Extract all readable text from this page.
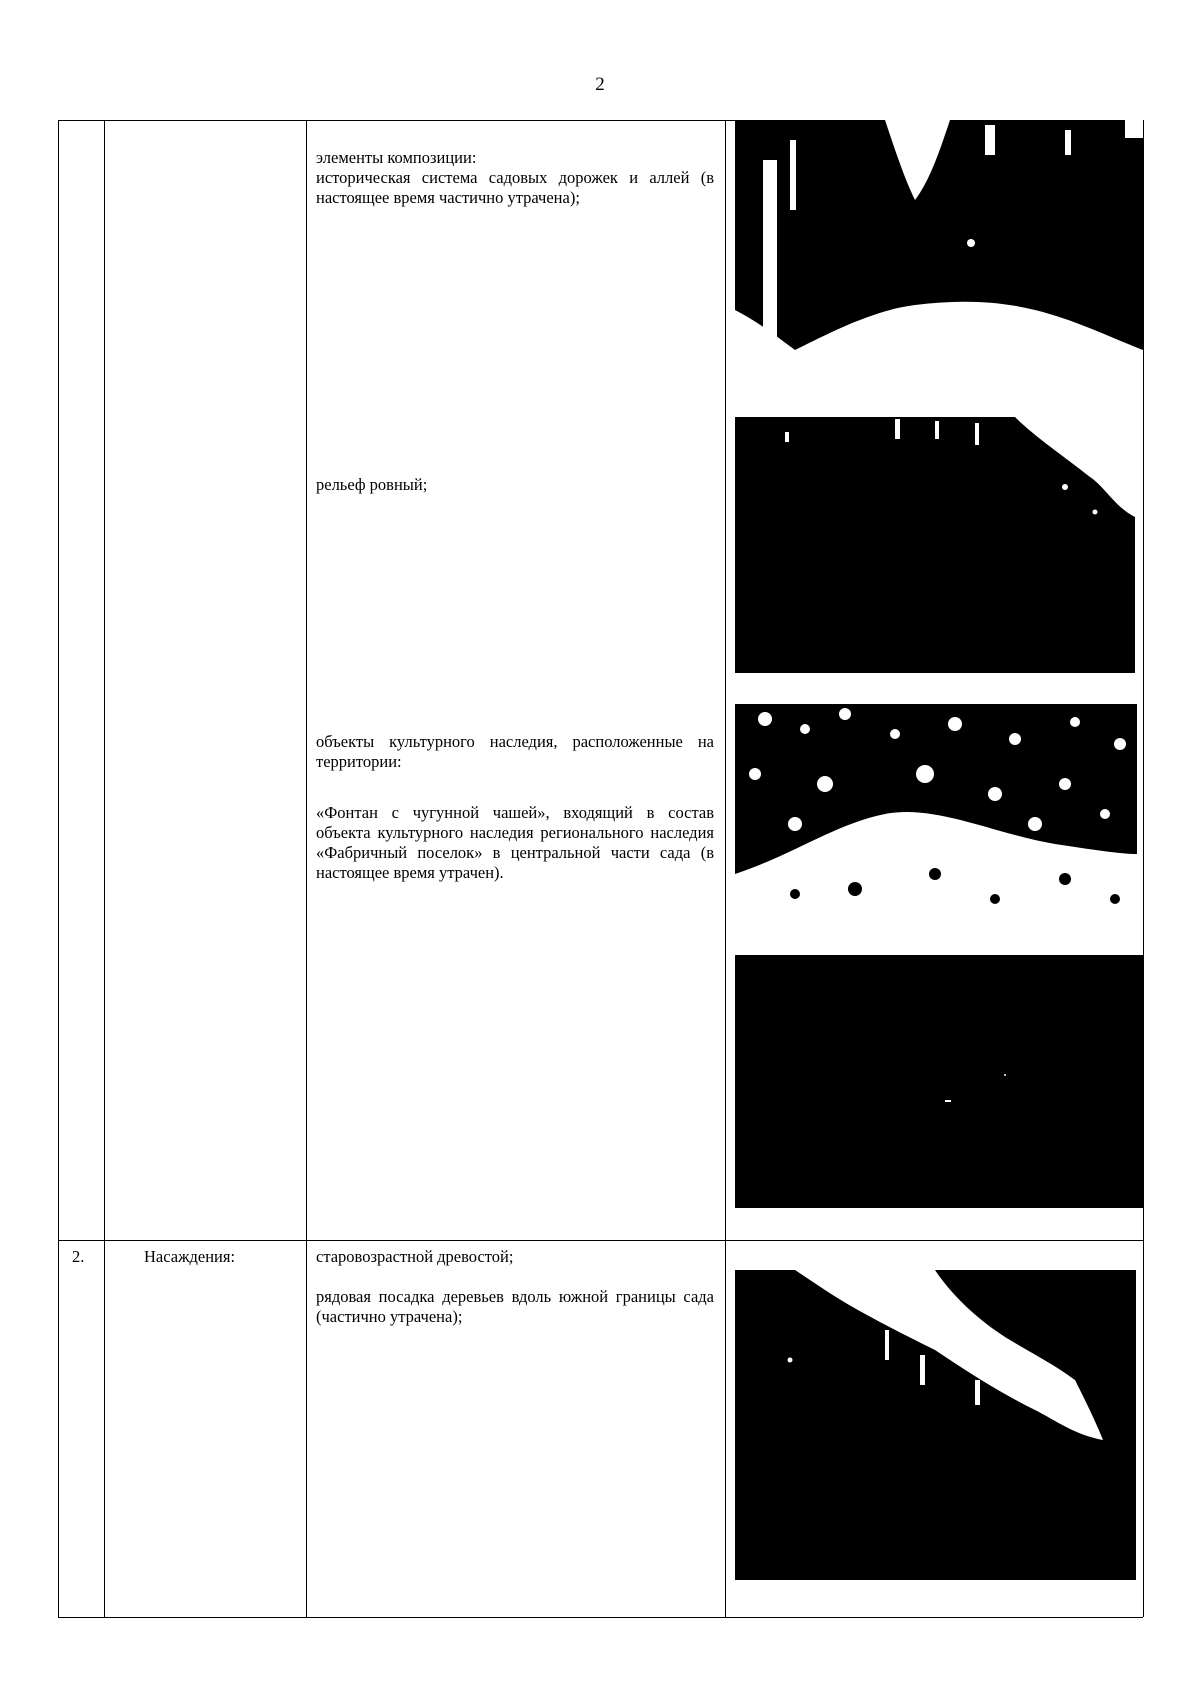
2
элементы композиции:
историческая система садовых дорожек и аллей (в настоящее время частично утрачена);
рельеф ровный;
объекты культурного наследия, расположенные на территории:
«Фонтан с чугунной чашей», входящий в состав объекта культурного наследия регионального наследия «Фабричный поселок» в центральной части сада (в настоящее время утрачен).
2.	Насаждения:	старовозрастной древостой;
рядовая посадка деревьев вдоль южной границы сада (частично утрачена);
